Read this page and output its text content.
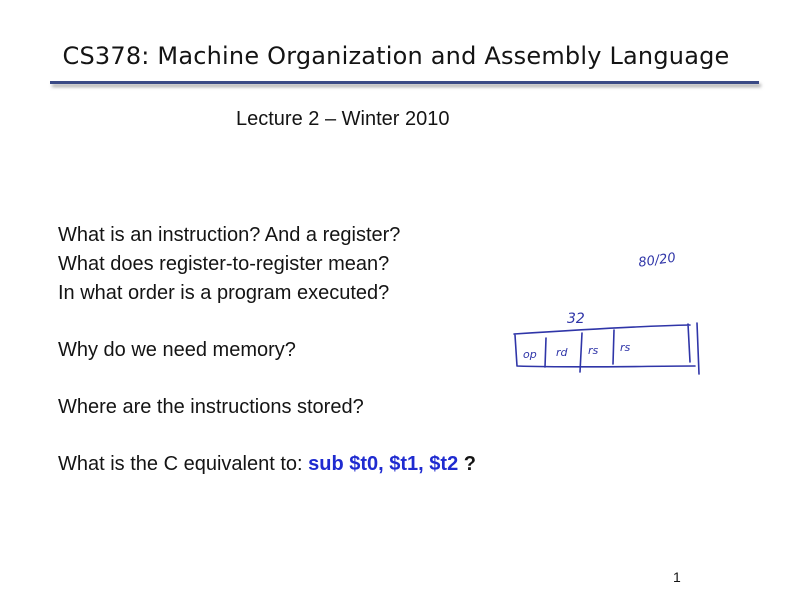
CS378: Machine Organization and Assembly Language
Lecture 2 – Winter 2010
What is an instruction? And a register?
What does register-to-register mean?
In what order is a program executed?
Why do we need memory?
Where are the instructions stored?
What is the C equivalent to: sub $t0, $t1, $t2 ?
80/20
32
op rd rs rs
1
